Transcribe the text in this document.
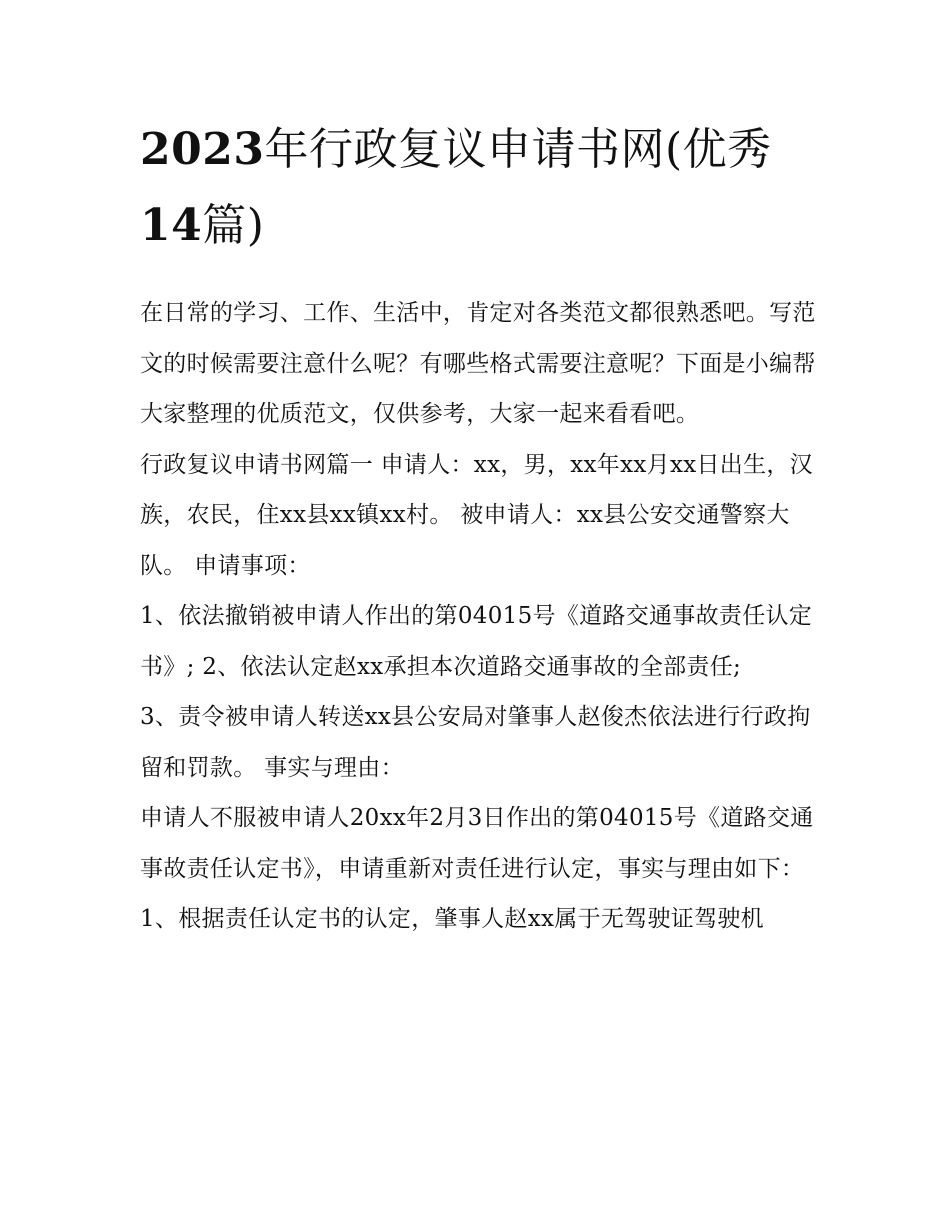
2023年行政复议申请书网(优秀14篇)

在日常的学习、工作、生活中，肯定对各类范文都很熟悉吧。写范文的时候需要注意什么呢？有哪些格式需要注意呢？下面是小编帮大家整理的优质范文，仅供参考，大家一起来看看吧。

行政复议申请书网篇一 申请人：xx，男，xx年xx月xx日出生，汉族，农民，住xx县xx镇xx村。 被申请人：xx县公安交通警察大队。 申请事项：

1、依法撤销被申请人作出的第04015号《道路交通事故责任认定书》; 2、依法认定赵xx承担本次道路交通事故的全部责任;

3、责令被申请人转送xx县公安局对肇事人赵俊杰依法进行行政拘留和罚款。 事实与理由：

申请人不服被申请人20xx年2月3日作出的第04015号《道路交通事故责任认定书》，申请重新对责任进行认定，事实与理由如下：

1、根据责任认定书的认定，肇事人赵xx属于无驾驶证驾驶机
